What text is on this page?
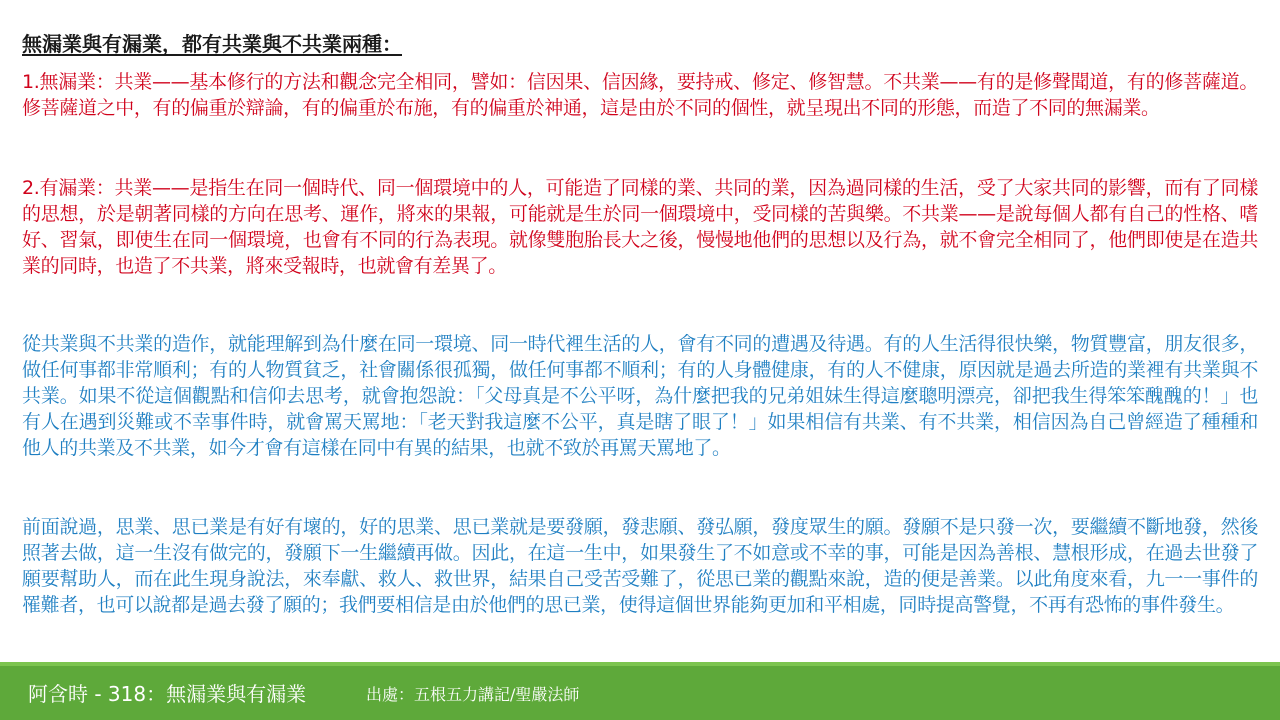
無漏業與有漏業，都有共業與不共業兩種：

1.無漏業：共業——基本修行的方法和觀念完全相同，譬如：信因果、信因緣，要持戒、修定、修智慧。不共業——有的是修聲聞道，有的修菩薩道。修菩薩道之中，有的偏重於辯論，有的偏重於布施，有的偏重於神通，這是由於不同的個性，就呈現出不同的形態，而造了不同的無漏業。

2.有漏業：共業——是指生在同一個時代、同一個環境中的人，可能造了同樣的業、共同的業，因為過同樣的生活，受了大家共同的影響，而有了同樣的思想，於是朝著同樣的方向在思考、運作，將來的果報，可能就是生於同一個環境中，受同樣的苦與樂。不共業——是說每個人都有自己的性格、嗜好、習氣，即使生在同一個環境，也會有不同的行為表現。就像雙胞胎長大之後，慢慢地他們的思想以及行為，就不會完全相同了，他們即使是在造共業的同時，也造了不共業，將來受報時，也就會有差異了。

從共業與不共業的造作，就能理解到為什麼在同一環境、同一時代裡生活的人，會有不同的遭遇及待遇。有的人生活得很快樂，物質豐富，朋友很多，做任何事都非常順利；有的人物質貧乏，社會關係很孤獨，做任何事都不順利；有的人身體健康，有的人不健康，原因就是過去所造的業裡有共業與不共業。如果不從這個觀點和信仰去思考，就會抱怨說：「父母真是不公平呀，為什麼把我的兄弟姐妹生得這麼聰明漂亮，卻把我生得笨笨醜醜的！」也有人在遇到災難或不幸事件時，就會罵天罵地：「老天對我這麼不公平，真是瞎了眼了！」如果相信有共業、有不共業，相信因為自己曾經造了種種和他人的共業及不共業，如今才會有這樣在同中有異的結果，也就不致於再罵天罵地了。

前面說過，思業、思已業是有好有壞的，好的思業、思已業就是要發願，發悲願、發弘願，發度眾生的願。發願不是只發一次，要繼續不斷地發，然後照著去做，這一生沒有做完的，發願下一生繼續再做。因此，在這一生中，如果發生了不如意或不幸的事，可能是因為善根、慧根形成，在過去世發了願要幫助人，而在此生現身說法，來奉獻、救人、救世界，結果自己受苦受難了，從思已業的觀點來說，造的便是善業。以此角度來看，九一一事件的罹難者，也可以說都是過去發了願的；我們要相信是由於他們的思已業，使得這個世界能夠更加和平相處，同時提高警覺，不再有恐怖的事件發生。

阿含時 - 318：無漏業與有漏業	出處：五根五力講記/聖嚴法師
